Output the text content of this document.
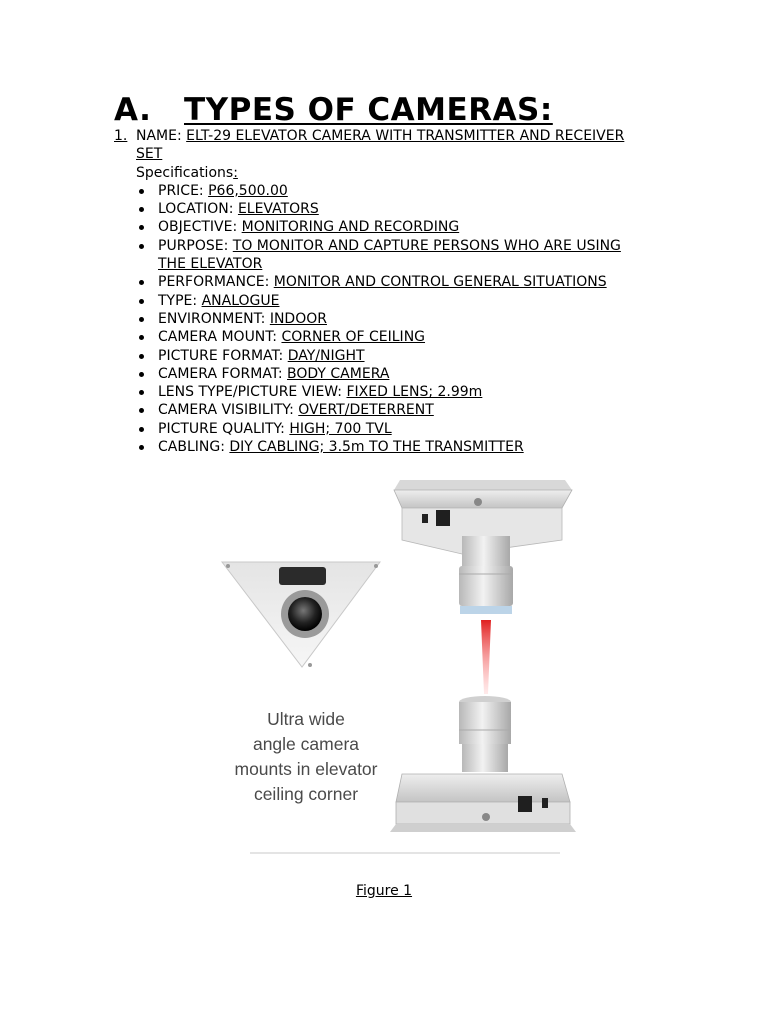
A. TYPES OF CAMERAS:
1. NAME: ELT-29 ELEVATOR CAMERA WITH TRANSMITTER AND RECEIVER
SET
Specifications:
PRICE: P66,500.00
LOCATION: ELEVATORS
OBJECTIVE: MONITORING AND RECORDING
PURPOSE: TO MONITOR AND CAPTURE PERSONS WHO ARE USING
THE ELEVATOR
PERFORMANCE: MONITOR AND CONTROL GENERAL SITUATIONS
TYPE: ANALOGUE
ENVIRONMENT: INDOOR
CAMERA MOUNT: CORNER OF CEILING
PICTURE FORMAT: DAY/NIGHT
CAMERA FORMAT: BODY CAMERA
LENS TYPE/PICTURE VIEW: FIXED LENS; 2.99m
CAMERA VISIBILITY: OVERT/DETERRENT
PICTURE QUALITY: HIGH; 700 TVL
CABLING: DIY CABLING; 3.5m TO THE TRANSMITTER
Ultra wide
angle camera
mounts in elevator
ceiling corner
Figure 1
